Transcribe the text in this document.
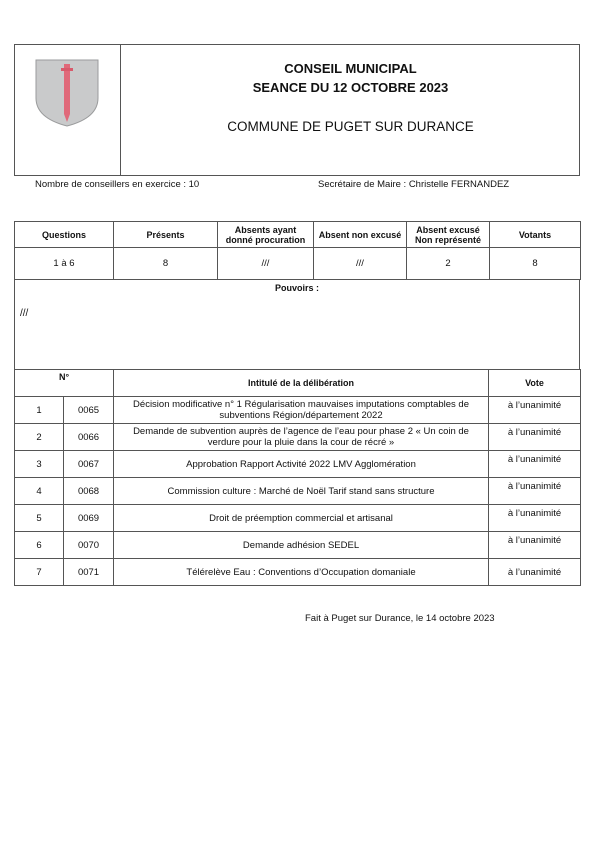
CONSEIL MUNICIPAL
SEANCE DU 12 OCTOBRE 2023
COMMUNE DE PUGET SUR DURANCE
Nombre de conseillers en exercice : 10	Secrétaire de Maire : Christelle FERNANDEZ
Questions	Présents	Absents ayant donné procuration	Absent non excusé	Absent excusé Non représenté	Votants
1 à 6	8	///	///	2	8
Pouvoirs :
///
N°		Intitulé de la délibération	Vote
1	0065	Décision modificative n° 1 Régularisation mauvaises imputations comptables de subventions Région/département 2022	à l’unanimité
2	0066	Demande de subvention auprès de l’agence de l’eau pour phase 2 « Un coin de verdure pour la pluie dans la cour de récré »	à l’unanimité
3	0067	Approbation Rapport Activité 2022 LMV Agglomération	à l’unanimité
4	0068	Commission culture : Marché de Noël Tarif stand sans structure	à l’unanimité
5	0069	Droit de préemption commercial et artisanal	à l’unanimité
6	0070	Demande adhésion SEDEL	à l’unanimité
7	0071	Télérelève Eau : Conventions d’Occupation domaniale	à l’unanimité
Fait à Puget sur Durance, le 14 octobre 2023
